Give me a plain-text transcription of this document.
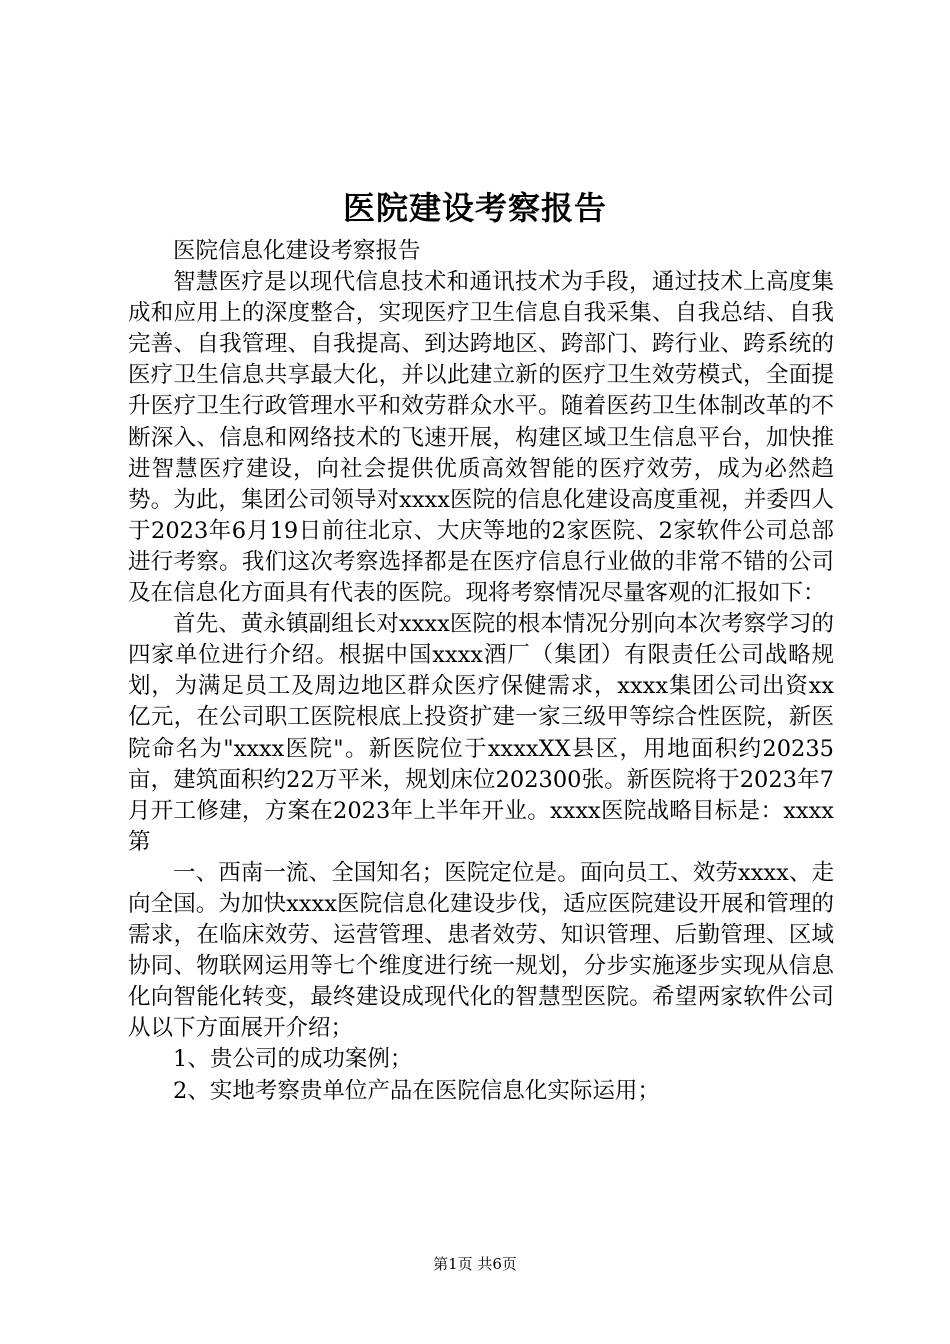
医院建设考察报告

医院信息化建设考察报告

智慧医疗是以现代信息技术和通讯技术为手段，通过技术上高度集成和应用上的深度整合，实现医疗卫生信息自我采集、自我总结、自我完善、自我管理、自我提高、到达跨地区、跨部门、跨行业、跨系统的医疗卫生信息共享最大化，并以此建立新的医疗卫生效劳模式，全面提升医疗卫生行政管理水平和效劳群众水平。随着医药卫生体制改革的不断深入、信息和网络技术的飞速开展，构建区域卫生信息平台，加快推进智慧医疗建设，向社会提供优质高效智能的医疗效劳，成为必然趋势。为此，集团公司领导对xxxx医院的信息化建设高度重视，并委四人于2023年6月19日前往北京、大庆等地的2家医院、2家软件公司总部进行考察。我们这次考察选择都是在医疗信息行业做的非常不错的公司及在信息化方面具有代表的医院。现将考察情况尽量客观的汇报如下：

首先、黄永镇副组长对xxxx医院的根本情况分别向本次考察学习的四家单位进行介绍。根据中国xxxx酒厂（集团）有限责任公司战略规划，为满足员工及周边地区群众医疗保健需求，xxxx集团公司出资xx亿元，在公司职工医院根底上投资扩建一家三级甲等综合性医院，新医院命名为"xxxx医院"。新医院位于xxxxXX县区，用地面积约20235亩，建筑面积约22万平米，规划床位202300张。新医院将于2023年7月开工修建，方案在2023年上半年开业。xxxx医院战略目标是：xxxx第

一、西南一流、全国知名；医院定位是。面向员工、效劳xxxx、走向全国。为加快xxxx医院信息化建设步伐，适应医院建设开展和管理的需求，在临床效劳、运营管理、患者效劳、知识管理、后勤管理、区域协同、物联网运用等七个维度进行统一规划，分步实施逐步实现从信息化向智能化转变，最终建设成现代化的智慧型医院。希望两家软件公司从以下方面展开介绍；

1、贵公司的成功案例；

2、实地考察贵单位产品在医院信息化实际运用；

第1页 共6页
